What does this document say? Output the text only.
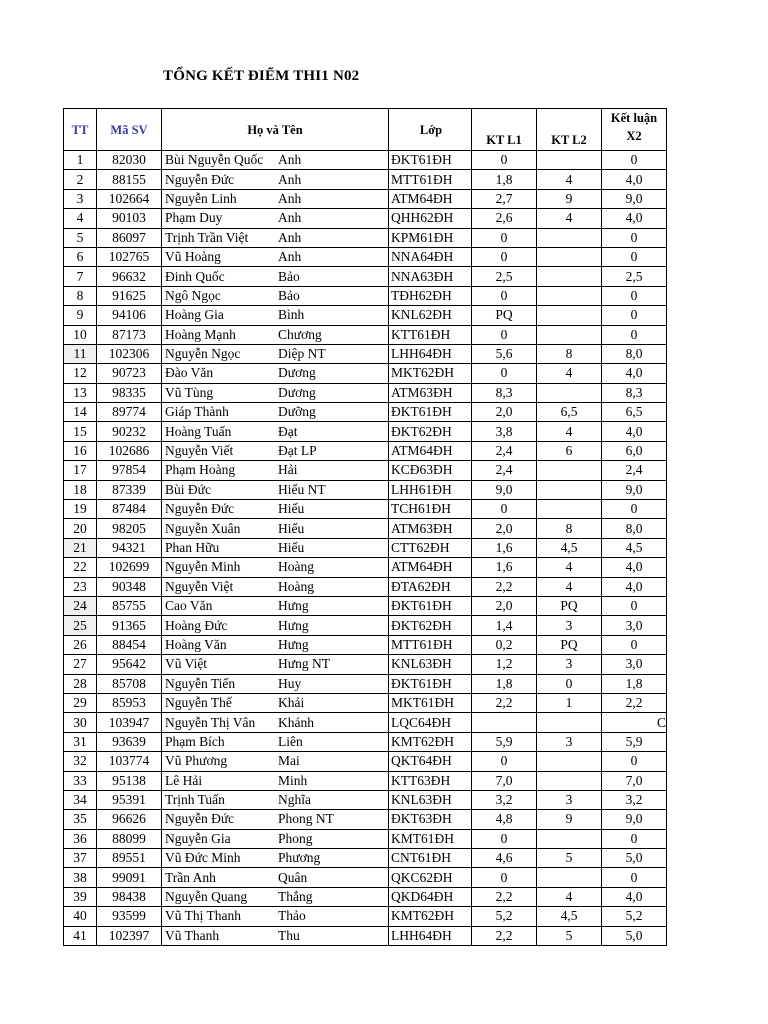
TỔNG KẾT ĐIỂM THI1 N02
TT	Mã SV	Họ và Tên		Lớp	KT L1	KT L2	Kết luận
X2

1	82030	Bùi Nguyễn Quốc	Anh	ĐKT61ĐH	0		0
2	88155	Nguyễn Đức	Anh	MTT61ĐH	1,8	4	4,0
3	102664	Nguyễn Linh	Anh	ATM64ĐH	2,7	9	9,0
4	90103	Phạm Duy	Anh	QHH62ĐH	2,6	4	4,0
5	86097	Trịnh Trần Việt	Anh	KPM61ĐH	0		0
6	102765	Vũ Hoàng	Anh	NNA64ĐH	0		0
7	96632	Đinh Quốc	Bảo	NNA63ĐH	2,5		2,5
8	91625	Ngô Ngọc	Bảo	TĐH62ĐH	0		0
9	94106	Hoàng Gia	Bình	KNL62ĐH	PQ		0
10	87173	Hoàng Mạnh	Chương	KTT61ĐH	0		0
11	102306	Nguyễn Ngọc	Diệp NT	LHH64ĐH	5,6	8	8,0
12	90723	Đào Văn	Dương	MKT62ĐH	0	4	4,0
13	98335	Vũ Tùng	Dương	ATM63ĐH	8,3		8,3
14	89774	Giáp Thành	Dưỡng	ĐKT61ĐH	2,0	6,5	6,5
15	90232	Hoàng Tuấn	Đạt	ĐKT62ĐH	3,8	4	4,0
16	102686	Nguyễn Viết	Đạt LP	ATM64ĐH	2,4	6	6,0
17	97854	Phạm Hoàng	Hải	KCĐ63ĐH	2,4		2,4
18	87339	Bùi Đức	Hiếu NT	LHH61ĐH	9,0		9,0
19	87484	Nguyễn Đức	Hiếu	TCH61ĐH	0		0
20	98205	Nguyễn Xuân	Hiếu	ATM63ĐH	2,0	8	8,0
21	94321	Phan Hữu	Hiếu	CTT62ĐH	1,6	4,5	4,5
22	102699	Nguyễn Minh	Hoàng	ATM64ĐH	1,6	4	4,0
23	90348	Nguyễn Việt	Hoàng	ĐTA62ĐH	2,2	4	4,0
24	85755	Cao Văn	Hưng	ĐKT61ĐH	2,0	PQ	0
25	91365	Hoàng Đức	Hưng	ĐKT62ĐH	1,4	3	3,0
26	88454	Hoàng Văn	Hưng	MTT61ĐH	0,2	PQ	0
27	95642	Vũ Việt	Hưng NT	KNL63ĐH	1,2	3	3,0
28	85708	Nguyễn Tiến	Huy	ĐKT61ĐH	1,8	0	1,8
29	85953	Nguyễn Thế	Khải	MKT61ĐH	2,2	1	2,2
30	103947	Nguyễn Thị Vân	Khánh	LQC64ĐH			C
31	93639	Phạm Bích	Liên	KMT62ĐH	5,9	3	5,9
32	103774	Vũ Phương	Mai	QKT64ĐH	0		0
33	95138	Lê Hải	Minh	KTT63ĐH	7,0		7,0
34	95391	Trịnh Tuấn	Nghĩa	KNL63ĐH	3,2	3	3,2
35	96626	Nguyễn Đức	Phong NT	ĐKT63ĐH	4,8	9	9,0
36	88099	Nguyễn Gia	Phong	KMT61ĐH	0		0
37	89551	Vũ Đức Minh	Phương	CNT61ĐH	4,6	5	5,0
38	99091	Trần Anh	Quân	QKC62ĐH	0		0
39	98438	Nguyễn Quang	Thắng	QKD64ĐH	2,2	4	4,0
40	93599	Vũ Thị Thanh	Thảo	KMT62ĐH	5,2	4,5	5,2
41	102397	Vũ Thanh	Thu	LHH64ĐH	2,2	5	5,0
